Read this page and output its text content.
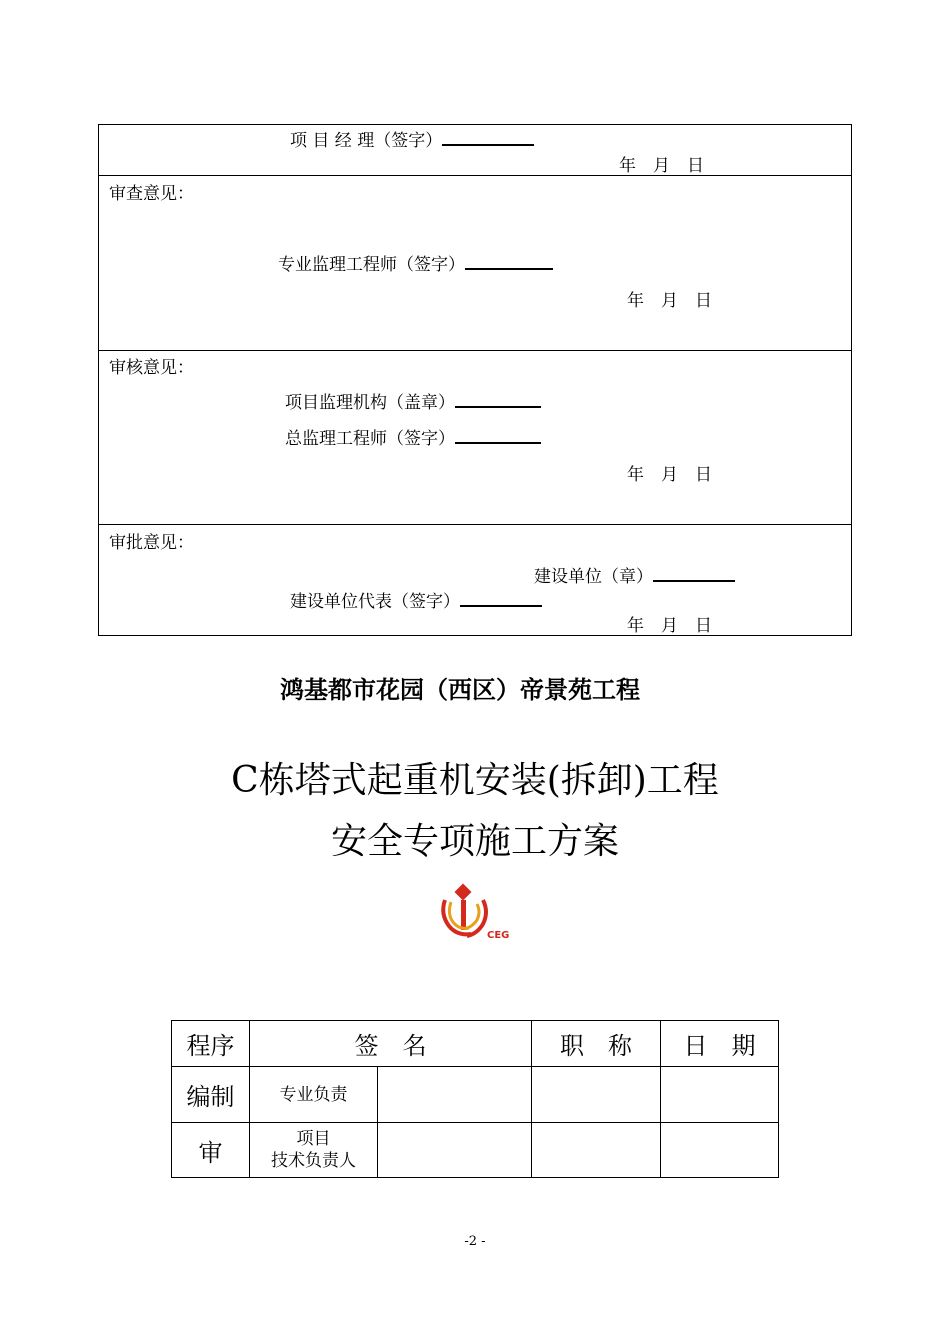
项 目 经 理（签字）
年　月　日
审查意见：
专业监理工程师（签字）
年　月　日
审核意见：
项目监理机构（盖章）
总监理工程师（签字）
年　月　日
审批意见：
建设单位（章）
建设单位代表（签字）
年　月　日
鸿基都市花园（西区）帝景苑工程
C栋塔式起重机安装(拆卸)工程
安全专项施工方案
CEG
程序	签　名		职　称	日　期
编制	专业负责			
审	项目
技术负责人			

-2 -
